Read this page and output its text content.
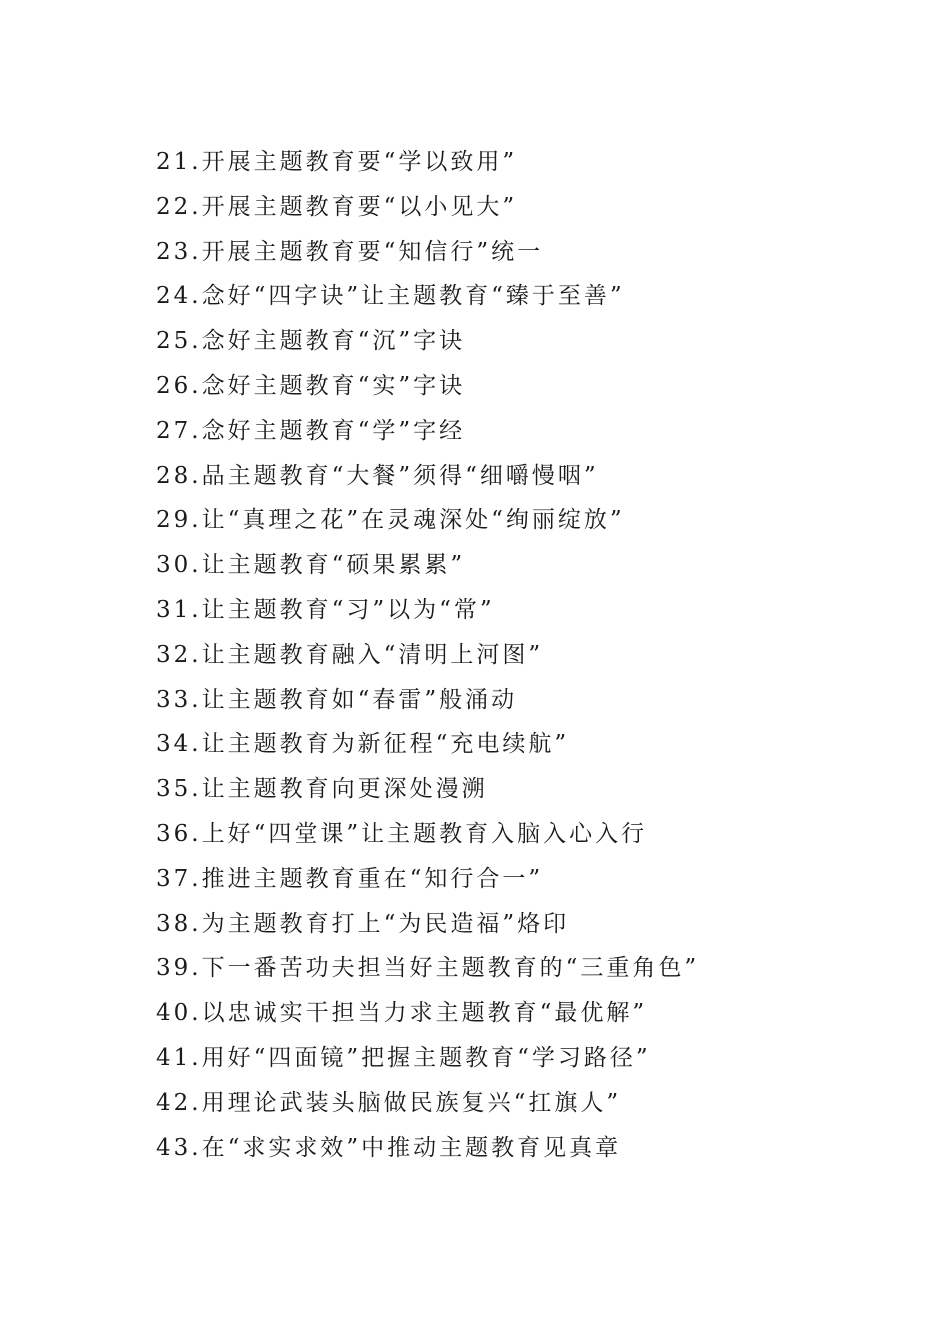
21.开展主题教育要“学以致用”
22.开展主题教育要“以小见大”
23.开展主题教育要“知信行”统一
24.念好“四字诀”让主题教育“臻于至善”
25.念好主题教育“沉”字诀
26.念好主题教育“实”字诀
27.念好主题教育“学”字经
28.品主题教育“大餐”须得“细嚼慢咽”
29.让“真理之花”在灵魂深处“绚丽绽放”
30.让主题教育“硕果累累”
31.让主题教育“习”以为“常”
32.让主题教育融入“清明上河图”
33.让主题教育如“春雷”般涌动
34.让主题教育为新征程“充电续航”
35.让主题教育向更深处漫溯
36.上好“四堂课”让主题教育入脑入心入行
37.推进主题教育重在“知行合一”
38.为主题教育打上“为民造福”烙印
39.下一番苦功夫担当好主题教育的“三重角色”
40.以忠诚实干担当力求主题教育“最优解”
41.用好“四面镜”把握主题教育“学习路径”
42.用理论武装头脑做民族复兴“扛旗人”
43.在“求实求效”中推动主题教育见真章
